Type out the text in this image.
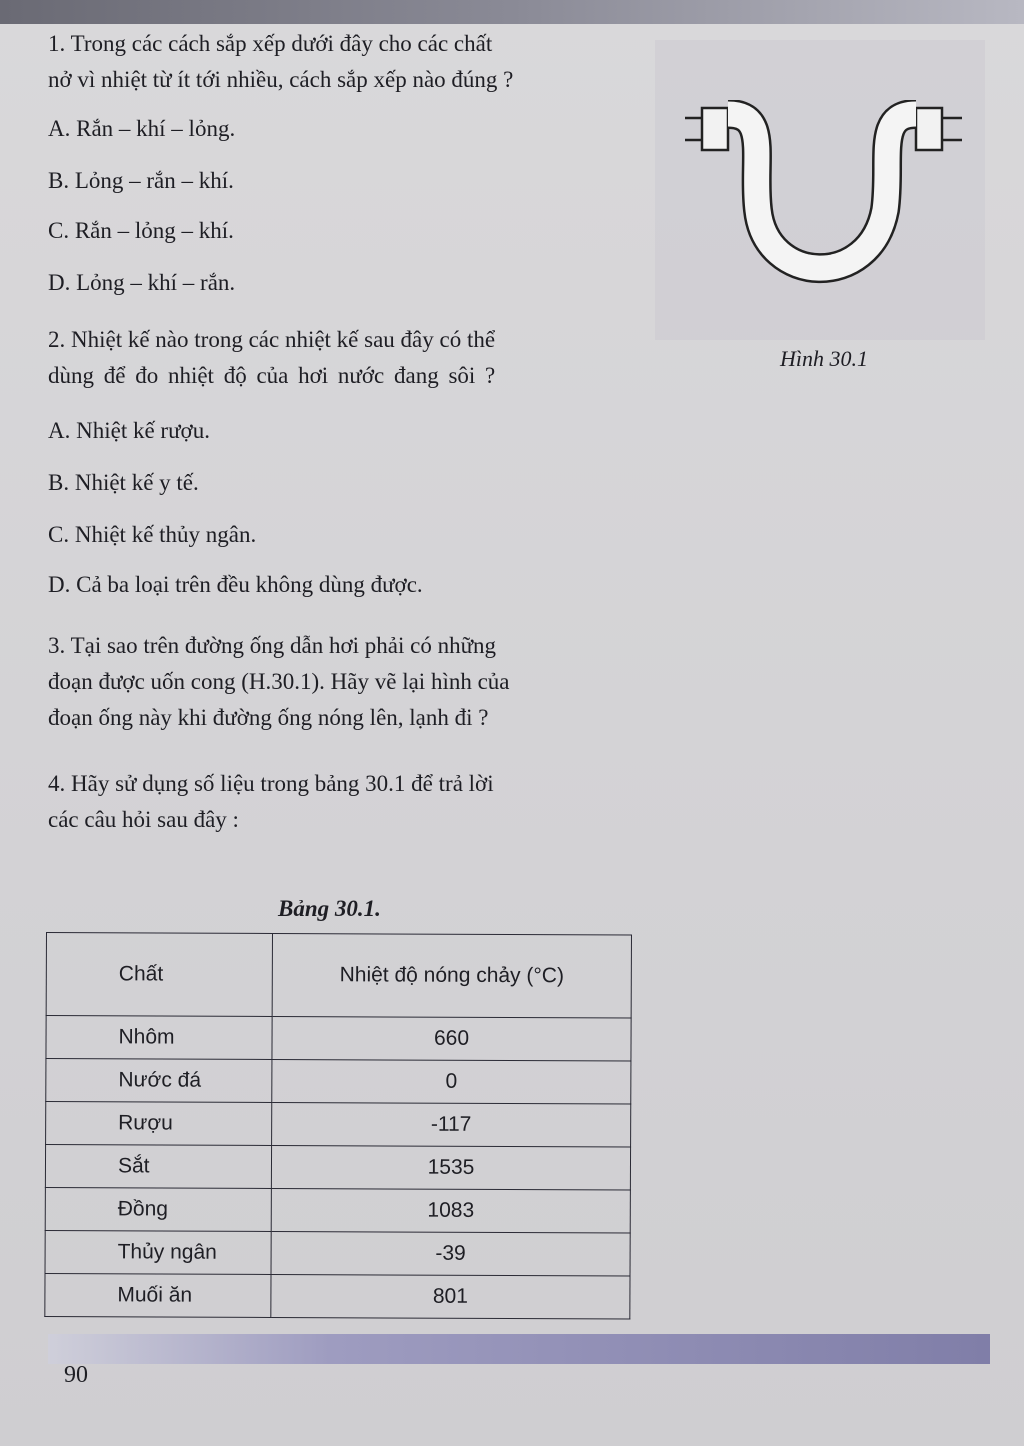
1. Trong các cách sắp xếp dưới đây cho các chất
nở vì nhiệt từ ít tới nhiều, cách sắp xếp nào đúng ?
A. Rắn – khí – lỏng.
B. Lỏng – rắn – khí.
C. Rắn – lỏng – khí.
D. Lỏng – khí – rắn.
2. Nhiệt kế nào trong các nhiệt kế sau đây có thể
dùng để đo nhiệt độ của hơi nước đang sôi ?
A. Nhiệt kế rượu.
B. Nhiệt kế y tế.
C. Nhiệt kế thủy ngân.
D. Cả ba loại trên đều không dùng được.
3. Tại sao trên đường ống dẫn hơi phải có những
đoạn được uốn cong (H.30.1). Hãy vẽ lại hình của
đoạn ống này khi đường ống nóng lên, lạnh đi ?
4. Hãy sử dụng số liệu trong bảng 30.1 để trả lời
các câu hỏi sau đây :
Hình 30.1
Bảng 30.1.
Chất	Nhiệt độ nóng chảy (°C)
Nhôm	660
Nước đá	0
Rượu	-117
Sắt	1535
Đồng	1083
Thủy ngân	-39
Muối ăn	801
90
